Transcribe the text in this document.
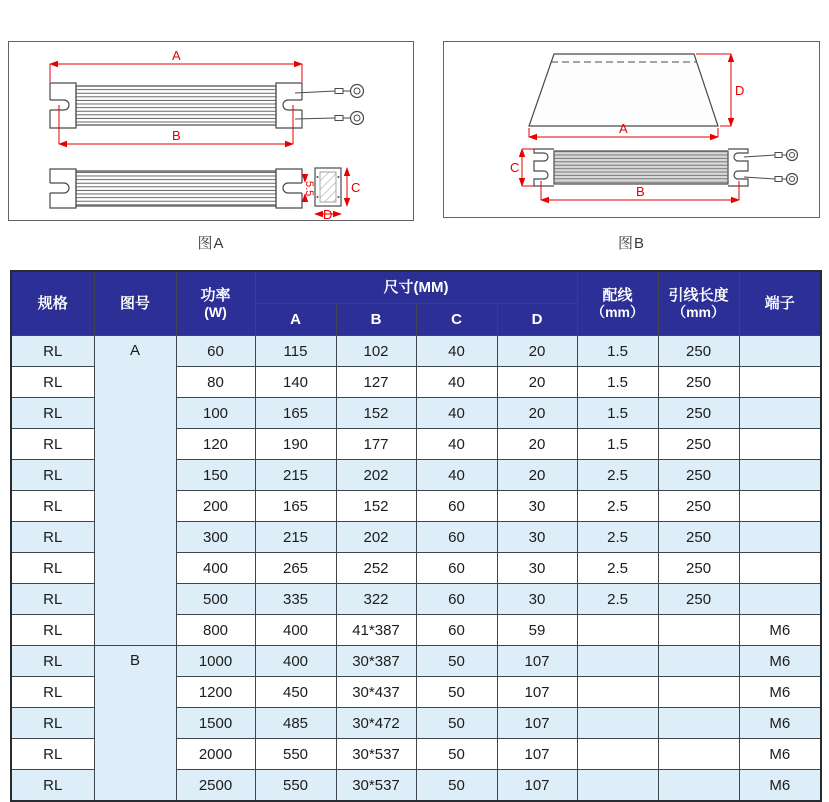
A
B
5.5	C
D
D
A
C
B
图A	图B
规格	图号	功率
(W)
	尺寸(MM)	配线
（mm）

引线长度
（mm）
	端子
			A	B	C	D			
RL	A	60	115	102	40	20	1.5	250	
RL		80	140	127	40	20	1.5	250	
RL		100	165	152	40	20	1.5	250	
RL		120	190	177	40	20	1.5	250	
RL		150	215	202	40	20	2.5	250	
RL		200	165	152	60	30	2.5	250	
RL		300	215	202	60	30	2.5	250	
RL		400	265	252	60	30	2.5	250	
RL		500	335	322	60	30	2.5	250	
RL		800	400	41*387	60	59			M6
RL	B	1000	400	30*387	50	107			M6
RL		1200	450	30*437	50	107			M6
RL		1500	485	30*472	50	107			M6
RL		2000	550	30*537	50	107			M6
RL		2500	550	30*537	50	107			M6
